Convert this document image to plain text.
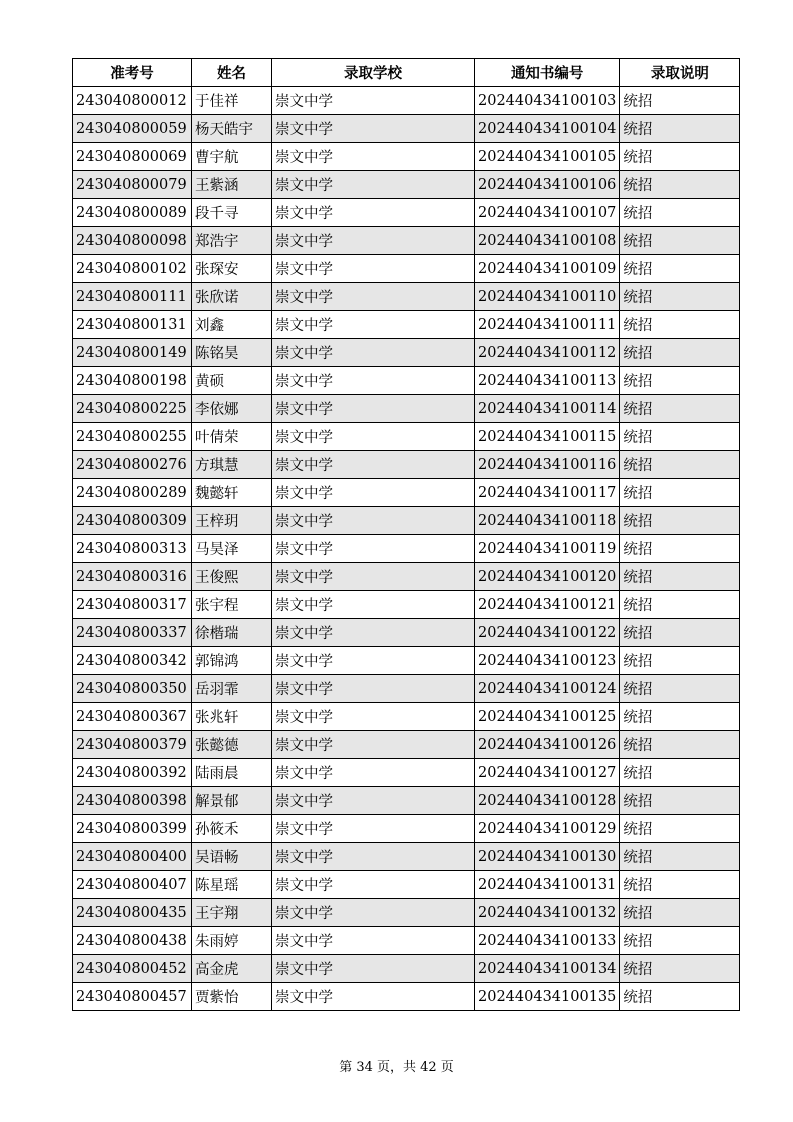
准考号	姓名	录取学校	通知书编号	录取说明
243040800012	于佳祥	崇文中学	202440434100103	统招
243040800059	杨天皓宇	崇文中学	202440434100104	统招
243040800069	曹宇航	崇文中学	202440434100105	统招
243040800079	王紫涵	崇文中学	202440434100106	统招
243040800089	段千寻	崇文中学	202440434100107	统招
243040800098	郑浩宇	崇文中学	202440434100108	统招
243040800102	张琛安	崇文中学	202440434100109	统招
243040800111	张欣诺	崇文中学	202440434100110	统招
243040800131	刘鑫	崇文中学	202440434100111	统招
243040800149	陈铭昊	崇文中学	202440434100112	统招
243040800198	黄硕	崇文中学	202440434100113	统招
243040800225	李依娜	崇文中学	202440434100114	统招
243040800255	叶倩荣	崇文中学	202440434100115	统招
243040800276	方琪慧	崇文中学	202440434100116	统招
243040800289	魏懿轩	崇文中学	202440434100117	统招
243040800309	王梓玥	崇文中学	202440434100118	统招
243040800313	马昊泽	崇文中学	202440434100119	统招
243040800316	王俊熙	崇文中学	202440434100120	统招
243040800317	张宇程	崇文中学	202440434100121	统招
243040800337	徐楷瑞	崇文中学	202440434100122	统招
243040800342	郭锦鸿	崇文中学	202440434100123	统招
243040800350	岳羽霏	崇文中学	202440434100124	统招
243040800367	张兆轩	崇文中学	202440434100125	统招
243040800379	张懿德	崇文中学	202440434100126	统招
243040800392	陆雨晨	崇文中学	202440434100127	统招
243040800398	解景郁	崇文中学	202440434100128	统招
243040800399	孙筱禾	崇文中学	202440434100129	统招
243040800400	吴语畅	崇文中学	202440434100130	统招
243040800407	陈星瑶	崇文中学	202440434100131	统招
243040800435	王宇翔	崇文中学	202440434100132	统招
243040800438	朱雨婷	崇文中学	202440434100133	统招
243040800452	高金虎	崇文中学	202440434100134	统招
243040800457	贾紫怡	崇文中学	202440434100135	统招
第 34 页，共 42 页
